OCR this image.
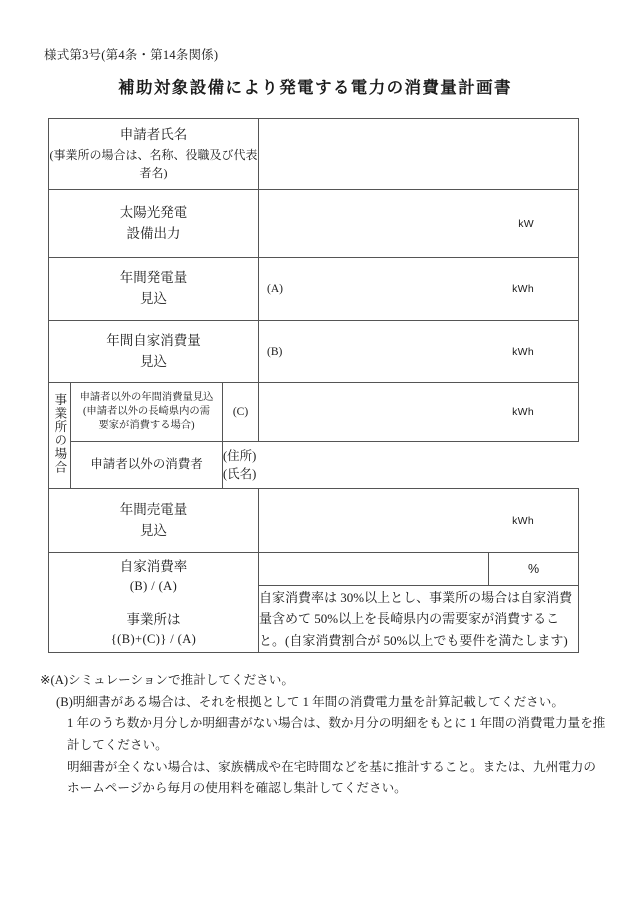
様式第3号(第4条・第14条関係)
補助対象設備により発電する電力の消費量計画書
申請者氏名
(事業所の場合は、名称、役職及び代表者名)				

太陽光発電
設備出力			kW	

年間発電量
見込			(A) kWh	

年間自家消費量
見込			(B) kWh	

事業所の場合	申請者以外の年間消費量見込
(申請者以外の長崎県内の需
要家が消費する場合)	(C)	kWh	

	申請者以外の消費者	(住所)
(氏名)		
年間売電量
見込			kWh	

自家消費率
(B) / (A)
事業所は
{(B)+(C)} / (A)				%
			自家消費率は 30%以上とし、事業所の場合は自家消費量含めて 50%以上を長崎県内の需要家が消費すること。(自家消費割合が 50%以上でも要件を満たします)	
※(A)シミュレーションで推計してください。
(B)明細書がある場合は、それを根拠として 1 年間の消費電力量を計算記載してください。
1 年のうち数か月分しか明細書がない場合は、数か月分の明細をもとに 1 年間の消費電力量を推
計してください。
明細書が全くない場合は、家族構成や在宅時間などを基に推計すること。または、九州電力の
ホームページから毎月の使用料を確認し集計してください。
